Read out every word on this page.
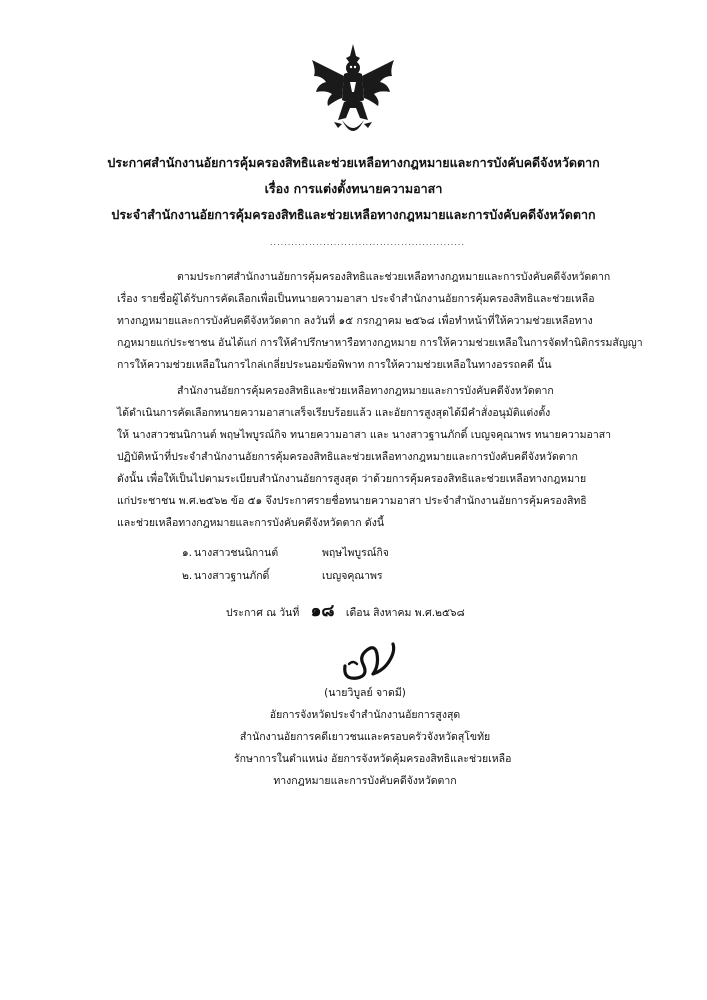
ประกาศสำนักงานอัยการคุ้มครองสิทธิและช่วยเหลือทางกฎหมายและการบังคับคดีจังหวัดตาก
เรื่อง การแต่งตั้งทนายความอาสา
ประจำสำนักงานอัยการคุ้มครองสิทธิและช่วยเหลือทางกฎหมายและการบังคับคดีจังหวัดตาก
.......................................................
ตามประกาศสำนักงานอัยการคุ้มครองสิทธิและช่วยเหลือทางกฎหมายและการบังคับคดีจังหวัดตาก
เรื่อง รายชื่อผู้ได้รับการคัดเลือกเพื่อเป็นทนายความอาสา ประจำสำนักงานอัยการคุ้มครองสิทธิและช่วยเหลือ
ทางกฎหมายและการบังคับคดีจังหวัดตาก ลงวันที่ ๑๕ กรกฎาคม ๒๕๖๘ เพื่อทำหน้าที่ให้ความช่วยเหลือทาง
กฎหมายแก่ประชาชน อันได้แก่ การให้คำปรึกษาหารือทางกฎหมาย การให้ความช่วยเหลือในการจัดทำนิติกรรมสัญญา
การให้ความช่วยเหลือในการไกล่เกลี่ยประนอมข้อพิพาท การให้ความช่วยเหลือในทางอรรถคดี นั้น
สำนักงานอัยการคุ้มครองสิทธิและช่วยเหลือทางกฎหมายและการบังคับคดีจังหวัดตาก
ได้ดำเนินการคัดเลือกทนายความอาสาเสร็จเรียบร้อยแล้ว และอัยการสูงสุดได้มีคำสั่งอนุมัติแต่งตั้ง
ให้ นางสาวชนนิกานต์ พฤษไพบูรณ์กิจ ทนายความอาสา และ นางสาวฐานภักดิ์ เบญจคุณาพร ทนายความอาสา
ปฏิบัติหน้าที่ประจำสำนักงานอัยการคุ้มครองสิทธิและช่วยเหลือทางกฎหมายและการบังคับคดีจังหวัดตาก
ดังนั้น เพื่อให้เป็นไปตามระเบียบสำนักงานอัยการสูงสุด ว่าด้วยการคุ้มครองสิทธิและช่วยเหลือทางกฎหมาย
แก่ประชาชน พ.ศ.๒๕๖๒ ข้อ ๕๑ จึงประกาศรายชื่อทนายความอาสา ประจำสำนักงานอัยการคุ้มครองสิทธิ
และช่วยเหลือทางกฎหมายและการบังคับคดีจังหวัดตาก ดังนี้
๑. นางสาวชนนิกานต์	พฤษไพบูรณ์กิจ
๒. นางสาวฐานภักดิ์	เบญจคุณาพร
ประกาศ ณ วันที่ ๑๘ เดือน สิงหาคม พ.ศ.๒๕๖๘
(นายวิบูลย์ จาดมี)
อัยการจังหวัดประจำสำนักงานอัยการสูงสุด
สำนักงานอัยการคดีเยาวชนและครอบครัวจังหวัดสุโขทัย
รักษาการในตำแหน่ง อัยการจังหวัดคุ้มครองสิทธิและช่วยเหลือ
ทางกฎหมายและการบังคับคดีจังหวัดตาก
